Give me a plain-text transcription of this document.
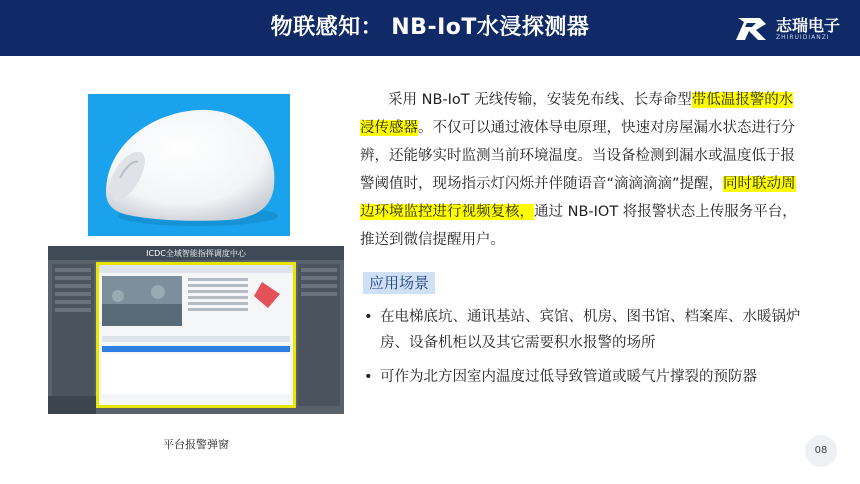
物联感知： NB-IoT水浸探测器	志瑞电子
ZHIRUIDIANZI
ICDC全域智能指挥调度中心
平台报警弹窗
采用 NB-IoT 无线传输，安装免布线、长寿命型带低温报警的水浸传感器。不仅可以通过液体导电原理，快速对房屋漏水状态进行分辨，还能够实时监测当前环境温度。当设备检测到漏水或温度低于报警阈值时，现场指示灯闪烁并伴随语音“滴滴滴滴”提醒，同时联动周边环境监控进行视频复核，通过 NB-IOT 将报警状态上传服务平台，推送到微信提醒用户。
应用场景
• 在电梯底坑、通讯基站、宾馆、机房、图书馆、档案库、水暖锅炉房、设备机柜以及其它需要积水报警的场所
• 可作为北方因室内温度过低导致管道或暖气片撑裂的预防器
08
